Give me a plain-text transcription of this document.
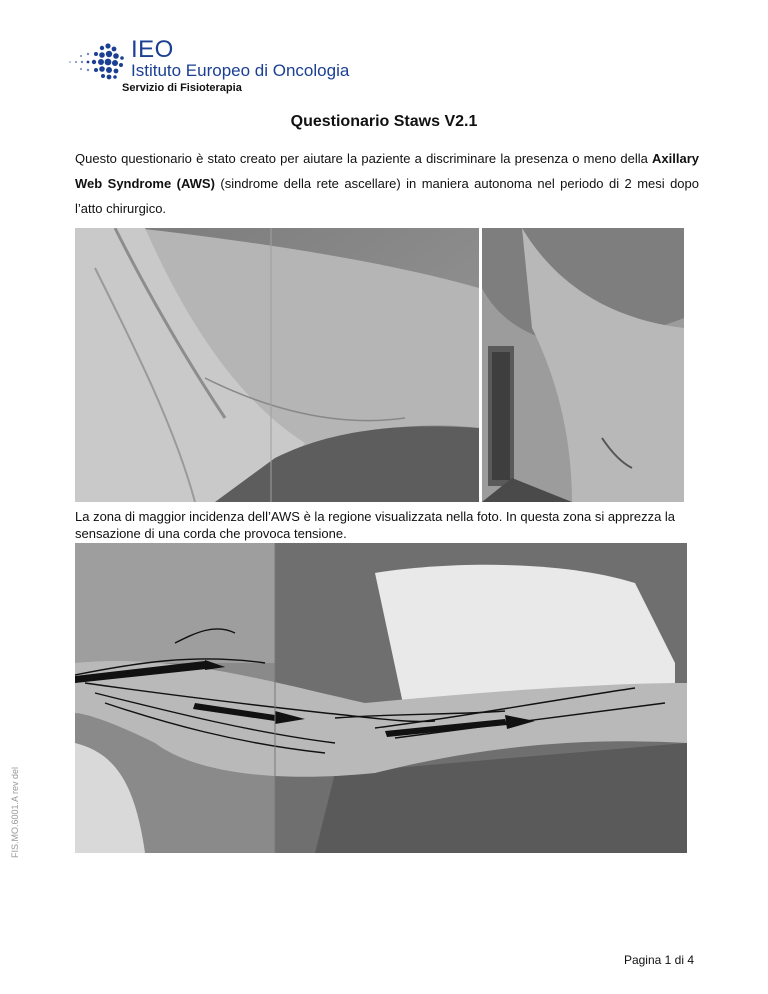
IEO
Istituto Europeo di Oncologia
Servizio di Fisioterapia
Questionario Staws V2.1
Questo questionario è stato creato per aiutare la paziente a discriminare la presenza o meno della Axillary Web Syndrome (AWS) (sindrome della rete ascellare) in maniera autonoma nel periodo di 2 mesi dopo l’atto chirurgico.
La zona di maggior incidenza dell’AWS è la regione visualizzata nella foto. In questa zona si apprezza la sensazione di una corda che provoca tensione.
FIS.MO.6001.A rev del
Pagina 1 di 4
